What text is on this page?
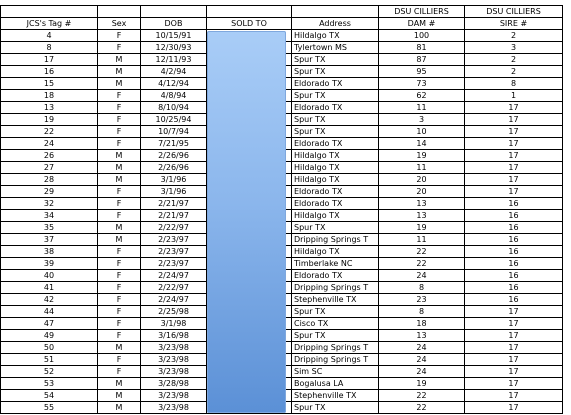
					DSU CILLIERS	DSU CILLIERS
JCS's Tag #	Sex	DOB	SOLD TO	Address	DAM #	SIRE #
4	F	10/15/91		Hildalgo TX	100	2
8	F	12/30/93		Tylertown MS	81	3
17	M	12/11/93		Spur TX	87	2
16	M	4/2/94		Spur TX	95	2
15	M	4/12/94		Eldorado TX	73	8
18	F	4/8/94		Spur TX	62	1
13	F	8/10/94		Eldorado TX	11	17
19	F	10/25/94		Spur TX	3	17
22	F	10/7/94		Spur TX	10	17
24	F	7/21/95		Eldorado TX	14	17
26	M	2/26/96		Hildalgo TX	19	17
27	M	2/26/96		Hildalgo TX	11	17
28	M	3/1/96		Hildalgo TX	20	17
29	F	3/1/96		Eldorado TX	20	17
32	F	2/21/97		Eldorado TX	13	16
34	F	2/21/97		Hildalgo TX	13	16
35	M	2/22/97		Spur TX	19	16
37	M	2/23/97		Dripping Springs T	11	16
38	F	2/23/97		Hildalgo TX	22	16
39	F	2/23/97		Timberlake NC	22	16
40	F	2/24/97		Eldorado TX	24	16
41	F	2/22/97		Dripping Springs T	8	16
42	F	2/24/97		Stephenville TX	23	16
44	F	2/25/98		Spur TX	8	17
47	F	3/1/98		Cisco TX	18	17
49	F	3/16/98		Spur TX	13	17
50	M	3/23/98		Dripping Springs T	24	17
51	F	3/23/98		Dripping Springs T	24	17
52	F	3/23/98		Sim SC	24	17
53	M	3/28/98		Bogalusa LA	19	17
54	M	3/23/98		Stephenville TX	22	17
55	M	3/23/98		Spur TX	22	17
